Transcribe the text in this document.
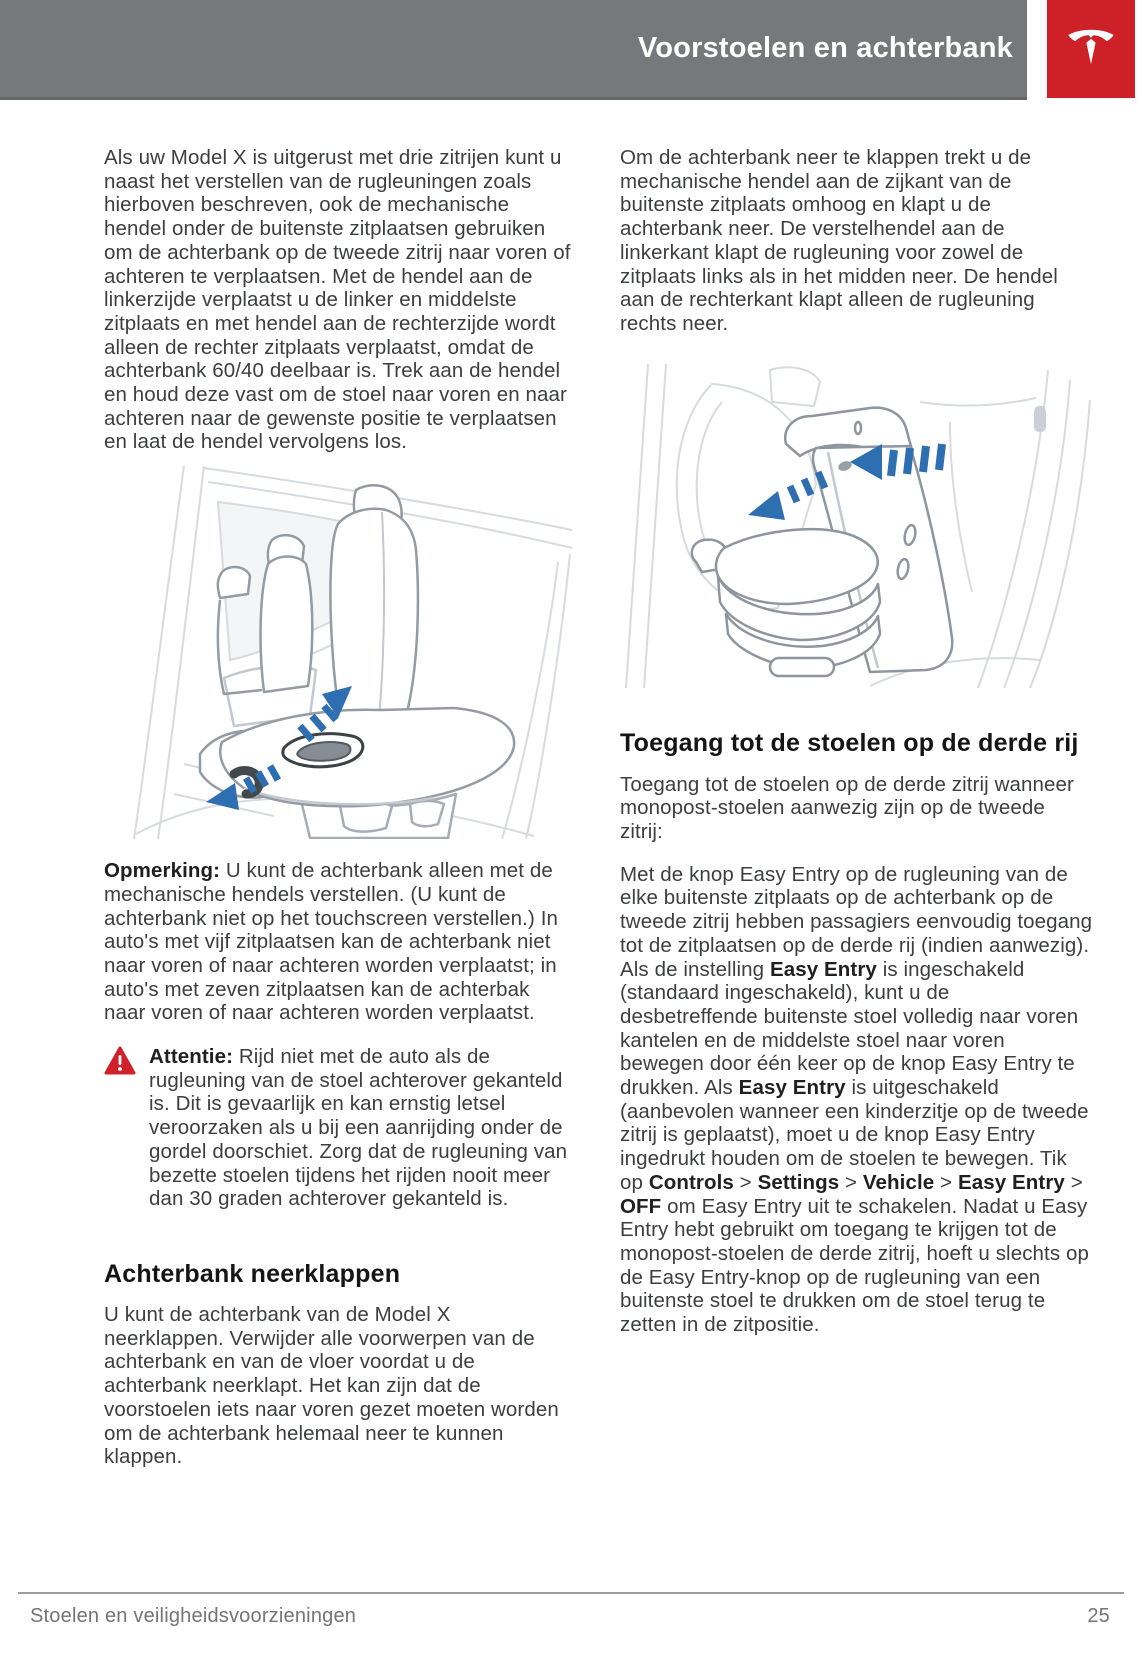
Voorstoelen en achterbank

Als uw Model X is uitgerust met drie zitrijen kunt u naast het verstellen van de rugleuningen zoals hierboven beschreven, ook de mechanische hendel onder de buitenste zitplaatsen gebruiken om de achterbank op de tweede zitrij naar voren of achteren te verplaatsen. Met de hendel aan de linkerzijde verplaatst u de linker en middelste zitplaats en met hendel aan de rechterzijde wordt alleen de rechter zitplaats verplaatst, omdat de achterbank 60/40 deelbaar is. Trek aan de hendel en houd deze vast om de stoel naar voren en naar achteren naar de gewenste positie te verplaatsen en laat de hendel vervolgens los.

Opmerking: U kunt de achterbank alleen met de mechanische hendels verstellen. (U kunt de achterbank niet op het touchscreen verstellen.) In auto's met vijf zitplaatsen kan de achterbank niet naar voren of naar achteren worden verplaatst; in auto's met zeven zitplaatsen kan de achterbak naar voren of naar achteren worden verplaatst.

Attentie: Rijd niet met de auto als de rugleuning van de stoel achterover gekanteld is. Dit is gevaarlijk en kan ernstig letsel veroorzaken als u bij een aanrijding onder de gordel doorschiet. Zorg dat de rugleuning van bezette stoelen tijdens het rijden nooit meer dan 30 graden achterover gekanteld is.

Achterbank neerklappen

U kunt de achterbank van de Model X neerklappen. Verwijder alle voorwerpen van de achterbank en van de vloer voordat u de achterbank neerklapt. Het kan zijn dat de voorstoelen iets naar voren gezet moeten worden om de achterbank helemaal neer te kunnen klappen.

Om de achterbank neer te klappen trekt u de mechanische hendel aan de zijkant van de buitenste zitplaats omhoog en klapt u de achterbank neer. De verstelhendel aan de linkerkant klapt de rugleuning voor zowel de zitplaats links als in het midden neer. De hendel aan de rechterkant klapt alleen de rugleuning rechts neer.

Toegang tot de stoelen op de derde rij

Toegang tot de stoelen op de derde zitrij wanneer monopost-stoelen aanwezig zijn op de tweede zitrij:

Met de knop Easy Entry op de rugleuning van de elke buitenste zitplaats op de achterbank op de tweede zitrij hebben passagiers eenvoudig toegang tot de zitplaatsen op de derde rij (indien aanwezig). Als de instelling Easy Entry is ingeschakeld (standaard ingeschakeld), kunt u de desbetreffende buitenste stoel volledig naar voren kantelen en de middelste stoel naar voren bewegen door één keer op de knop Easy Entry te drukken. Als Easy Entry is uitgeschakeld (aanbevolen wanneer een kinderzitje op de tweede zitrij is geplaatst), moet u de knop Easy Entry ingedrukt houden om de stoelen te bewegen. Tik op Controls > Settings > Vehicle > Easy Entry > OFF om Easy Entry uit te schakelen. Nadat u Easy Entry hebt gebruikt om toegang te krijgen tot de monopost-stoelen de derde zitrij, hoeft u slechts op de Easy Entry-knop op de rugleuning van een buitenste stoel te drukken om de stoel terug te zetten in de zitpositie.

Stoelen en veiligheidsvoorzieningen	25
